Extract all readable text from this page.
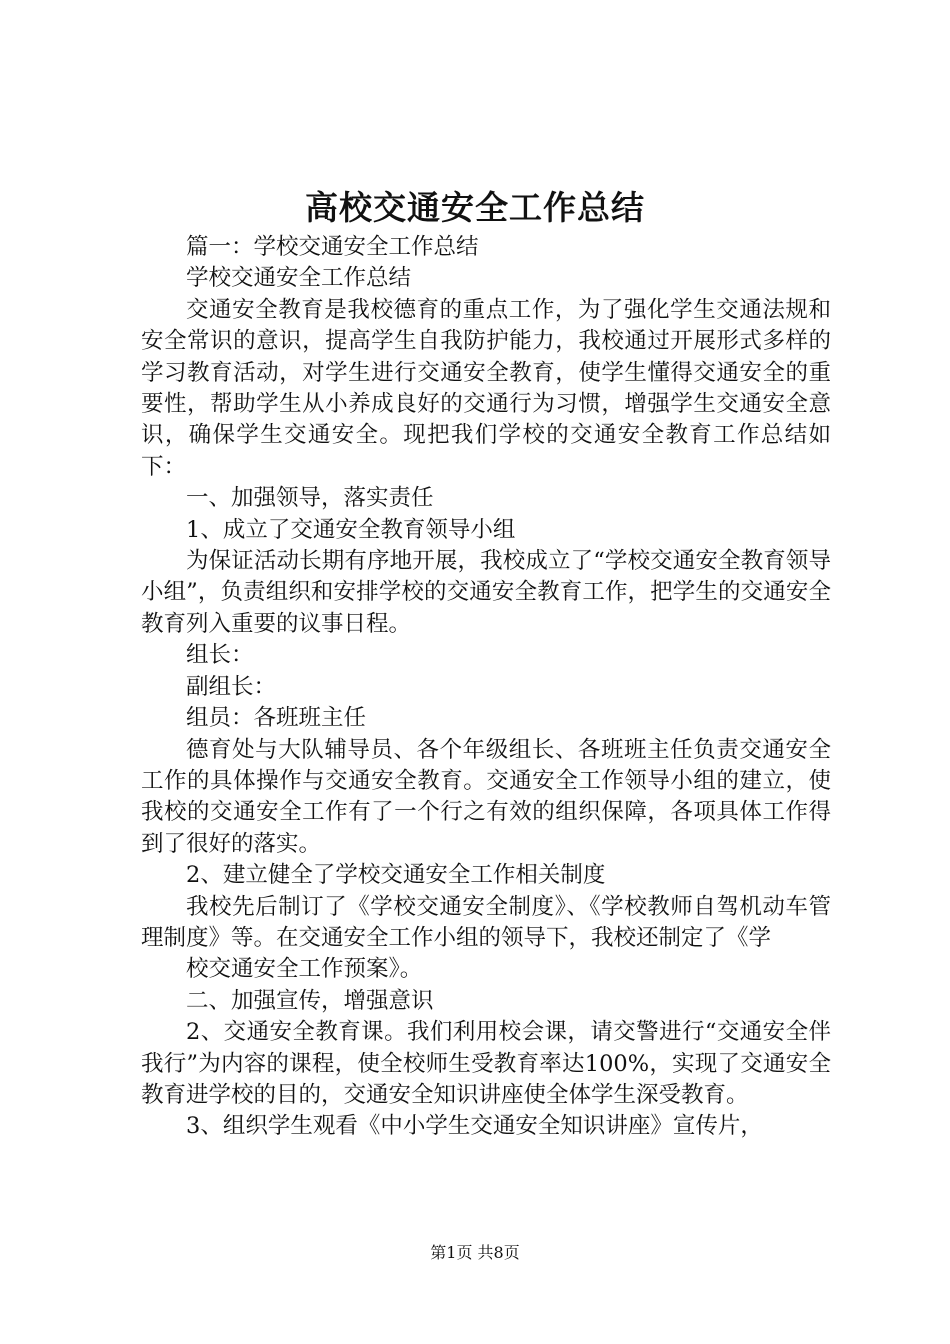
高校交通安全工作总结

篇一：学校交通安全工作总结

学校交通安全工作总结

交通安全教育是我校德育的重点工作，为了强化学生交通法规和安全常识的意识，提高学生自我防护能力，我校通过开展形式多样的学习教育活动，对学生进行交通安全教育，使学生懂得交通安全的重要性，帮助学生从小养成良好的交通行为习惯，增强学生交通安全意识，确保学生交通安全。现把我们学校的交通安全教育工作总结如下：

一、加强领导，落实责任

1、成立了交通安全教育领导小组

为保证活动长期有序地开展，我校成立了“学校交通安全教育领导小组”，负责组织和安排学校的交通安全教育工作，把学生的交通安全教育列入重要的议事日程。

组长：

副组长：

组员：各班班主任

德育处与大队辅导员、各个年级组长、各班班主任负责交通安全工作的具体操作与交通安全教育。交通安全工作领导小组的建立，使我校的交通安全工作有了一个行之有效的组织保障，各项具体工作得到了很好的落实。

2、建立健全了学校交通安全工作相关制度

我校先后制订了《学校交通安全制度》、《学校教师自驾机动车管理制度》等。在交通安全工作小组的领导下，我校还制定了《学

校交通安全工作预案》。

二、加强宣传，增强意识

2、交通安全教育课。我们利用校会课，请交警进行“交通安全伴我行”为内容的课程，使全校师生受教育率达100%，实现了交通安全教育进学校的目的，交通安全知识讲座使全体学生深受教育。

3、组织学生观看《中小学生交通安全知识讲座》宣传片，

第1页 共8页
